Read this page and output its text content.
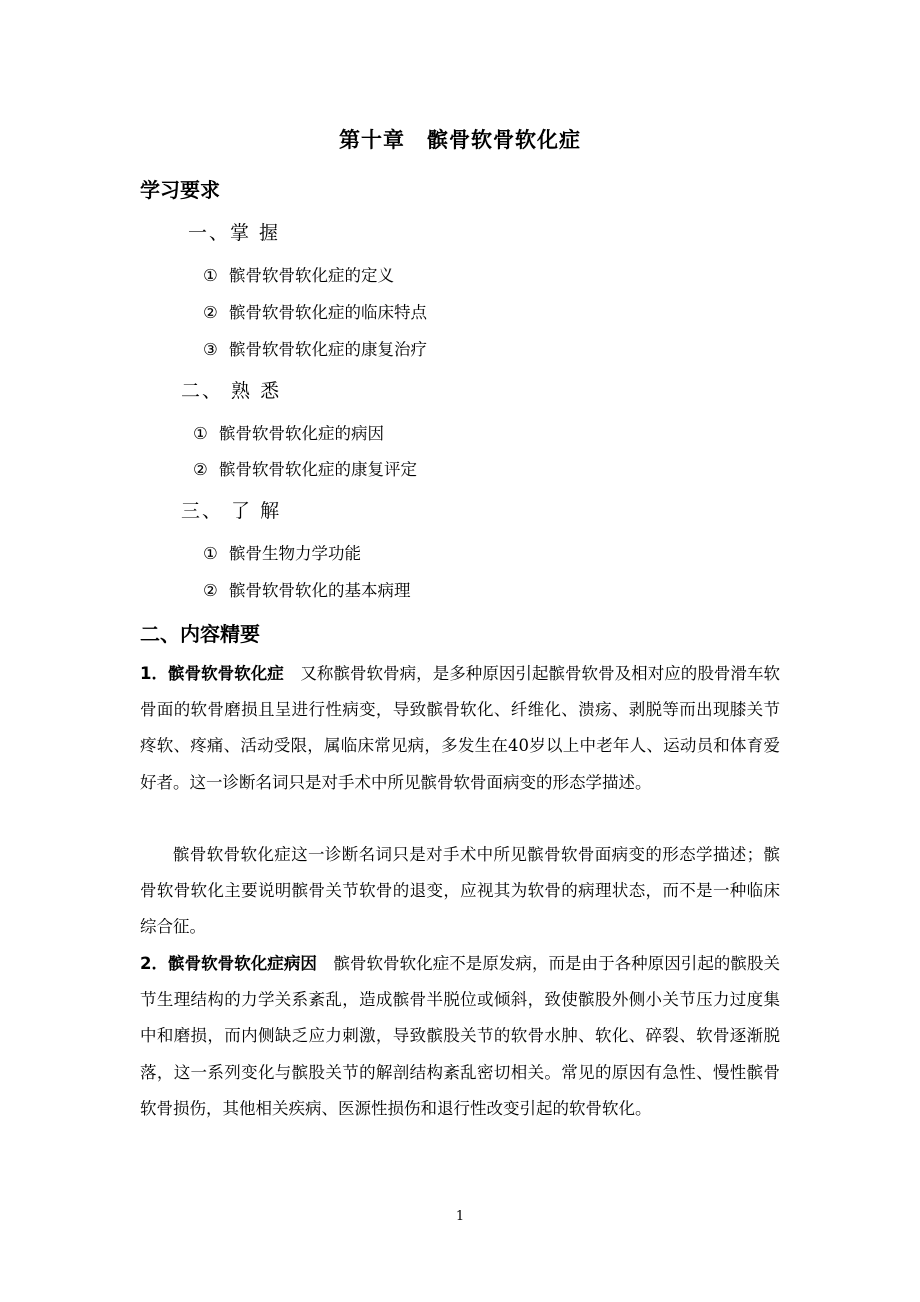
第十章　髌骨软骨软化症
学习要求
一、掌 握
① 髌骨软骨软化症的定义
② 髌骨软骨软化症的临床特点
③ 髌骨软骨软化症的康复治疗
二、 熟 悉
① 髌骨软骨软化症的病因
② 髌骨软骨软化症的康复评定
三、 了 解
① 髌骨生物力学功能
② 髌骨软骨软化的基本病理
二、内容精要
1．髌骨软骨软化症　又称髌骨软骨病，是多种原因引起髌骨软骨及相对应的股骨滑车软骨面的软骨磨损且呈进行性病变，导致髌骨软化、纤维化、溃疡、剥脱等而出现膝关节疼软、疼痛、活动受限，属临床常见病，多发生在40岁以上中老年人、运动员和体育爱好者。这一诊断名词只是对手术中所见髌骨软骨面病变的形态学描述。
髌骨软骨软化症这一诊断名词只是对手术中所见髌骨软骨面病变的形态学描述；髌骨软骨软化主要说明髌骨关节软骨的退变，应视其为软骨的病理状态，而不是一种临床综合征。
2．髌骨软骨软化症病因　髌骨软骨软化症不是原发病，而是由于各种原因引起的髌股关节生理结构的力学关系紊乱，造成髌骨半脱位或倾斜，致使髌股外侧小关节压力过度集中和磨损，而内侧缺乏应力刺激，导致髌股关节的软骨水肿、软化、碎裂、软骨逐渐脱落，这一系列变化与髌股关节的解剖结构紊乱密切相关。常见的原因有急性、慢性髌骨软骨损伤，其他相关疾病、医源性损伤和退行性改变引起的软骨软化。
1
